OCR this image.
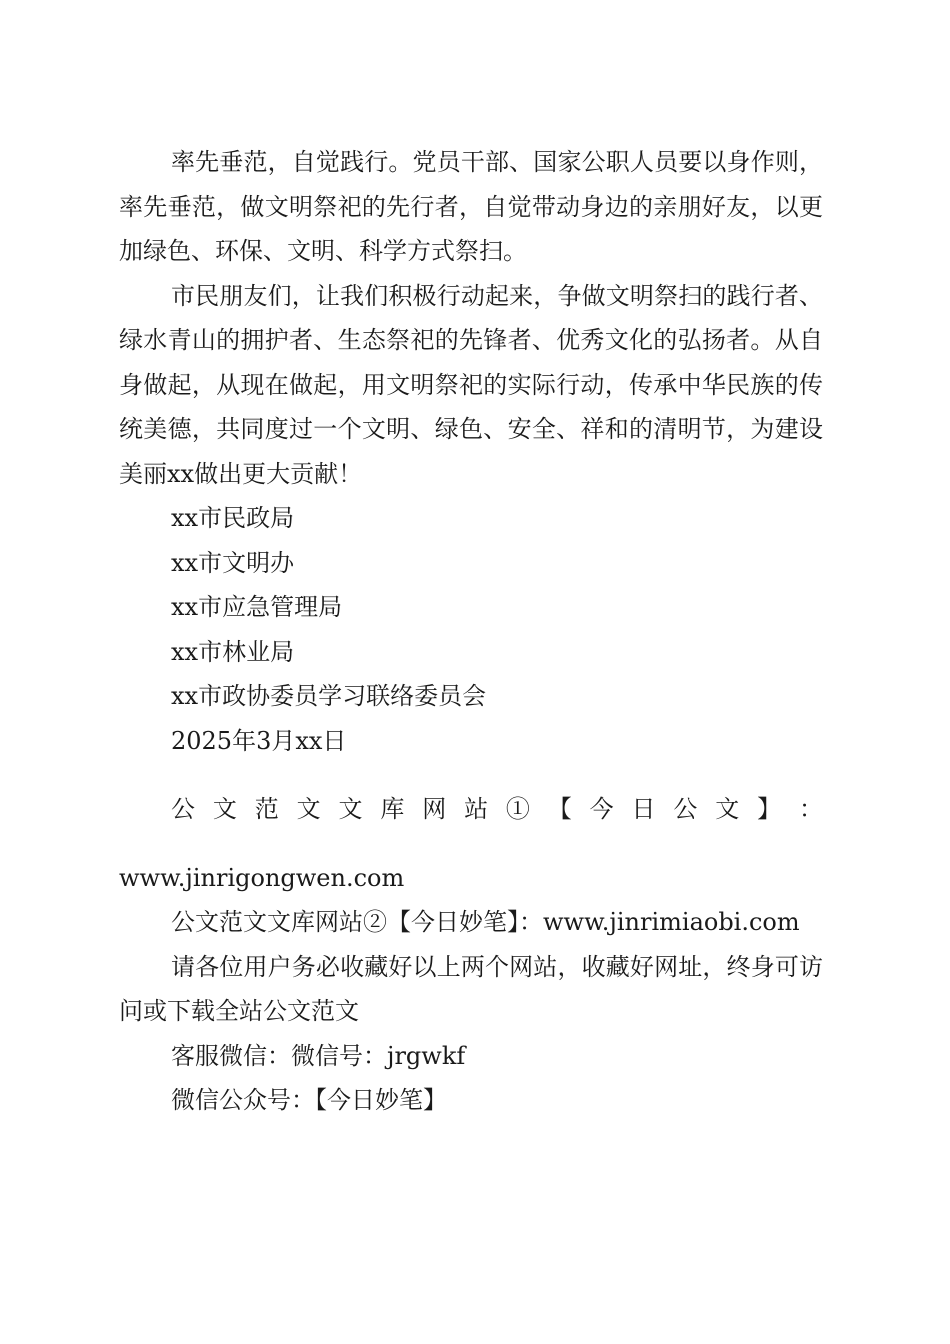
率先垂范，自觉践行。党员干部、国家公职人员要以身作则，率先垂范，做文明祭祀的先行者，自觉带动身边的亲朋好友，以更加绿色、环保、文明、科学方式祭扫。

市民朋友们，让我们积极行动起来，争做文明祭扫的践行者、绿水青山的拥护者、生态祭祀的先锋者、优秀文化的弘扬者。从自身做起，从现在做起，用文明祭祀的实际行动，传承中华民族的传统美德，共同度过一个文明、绿色、安全、祥和的清明节，为建设美丽xx做出更大贡献！

xx市民政局

xx市文明办

xx市应急管理局

xx市林业局

xx市政协委员学习联络委员会

2025年3月xx日

公 文 范 文 文 库 网 站 ① 【 今 日 公 文 】 ：

www.jinrigongwen.com

公文范文文库网站②【今日妙笔】：www.jinrimiaobi.com

请各位用户务必收藏好以上两个网站，收藏好网址，终身可访问或下载全站公文范文

客服微信：微信号：jrgwkf

微信公众号：【今日妙笔】
